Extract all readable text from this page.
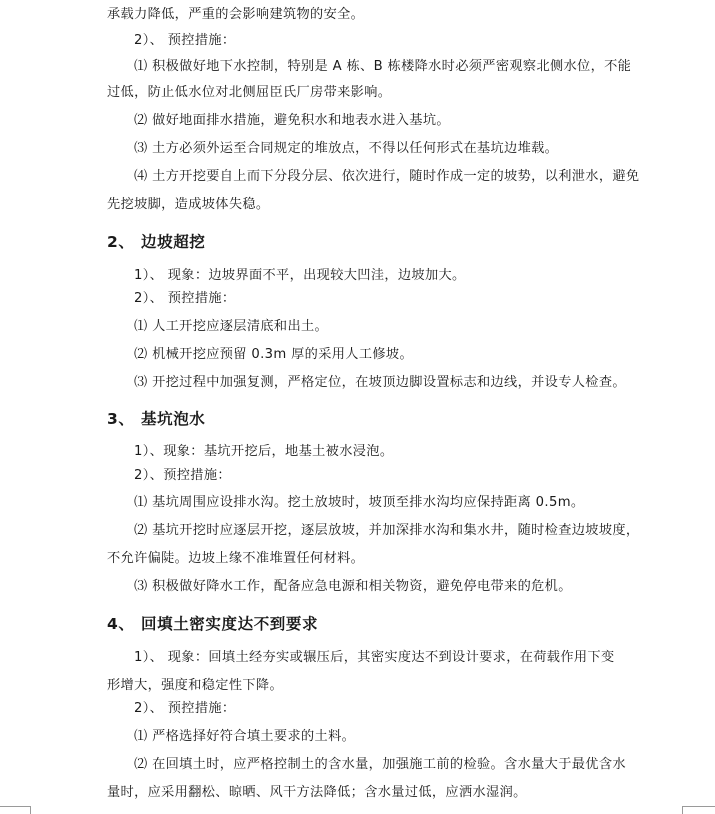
承载力降低，严重的会影响建筑物的安全。
2）、 预控措施：
⑴ 积极做好地下水控制，特别是 A 栋、B 栋楼降水时必须严密观察北侧水位，不能
过低，防止低水位对北侧屈臣氏厂房带来影响。
⑵ 做好地面排水措施，避免积水和地表水进入基坑。
⑶ 土方必须外运至合同规定的堆放点，不得以任何形式在基坑边堆载。
⑷ 土方开挖要自上而下分段分层、依次进行，随时作成一定的坡势，以利泄水，避免
先挖坡脚，造成坡体失稳。
2、 边坡超挖
1）、 现象：边坡界面不平，出现较大凹洼，边坡加大。
2）、 预控措施：
⑴ 人工开挖应逐层清底和出土。
⑵ 机械开挖应预留 0.3m 厚的采用人工修坡。
⑶ 开挖过程中加强复测，严格定位，在坡顶边脚设置标志和边线，并设专人检查。
3、 基坑泡水
1）、现象：基坑开挖后，地基土被水浸泡。
2）、预控措施：
⑴ 基坑周围应设排水沟。挖土放坡时，坡顶至排水沟均应保持距离 0.5m。
⑵ 基坑开挖时应逐层开挖，逐层放坡，并加深排水沟和集水井，随时检查边坡坡度，
不允许偏陡。边坡上缘不准堆置任何材料。
⑶ 积极做好降水工作，配备应急电源和相关物资，避免停电带来的危机。
4、 回填土密实度达不到要求
1）、 现象：回填土经夯实或辗压后，其密实度达不到设计要求，在荷载作用下变
形增大，强度和稳定性下降。
2）、 预控措施：
⑴ 严格选择好符合填土要求的土料。
⑵ 在回填土时，应严格控制土的含水量，加强施工前的检验。含水量大于最优含水
量时，应采用翻松、晾晒、风干方法降低；含水量过低，应洒水湿润。
